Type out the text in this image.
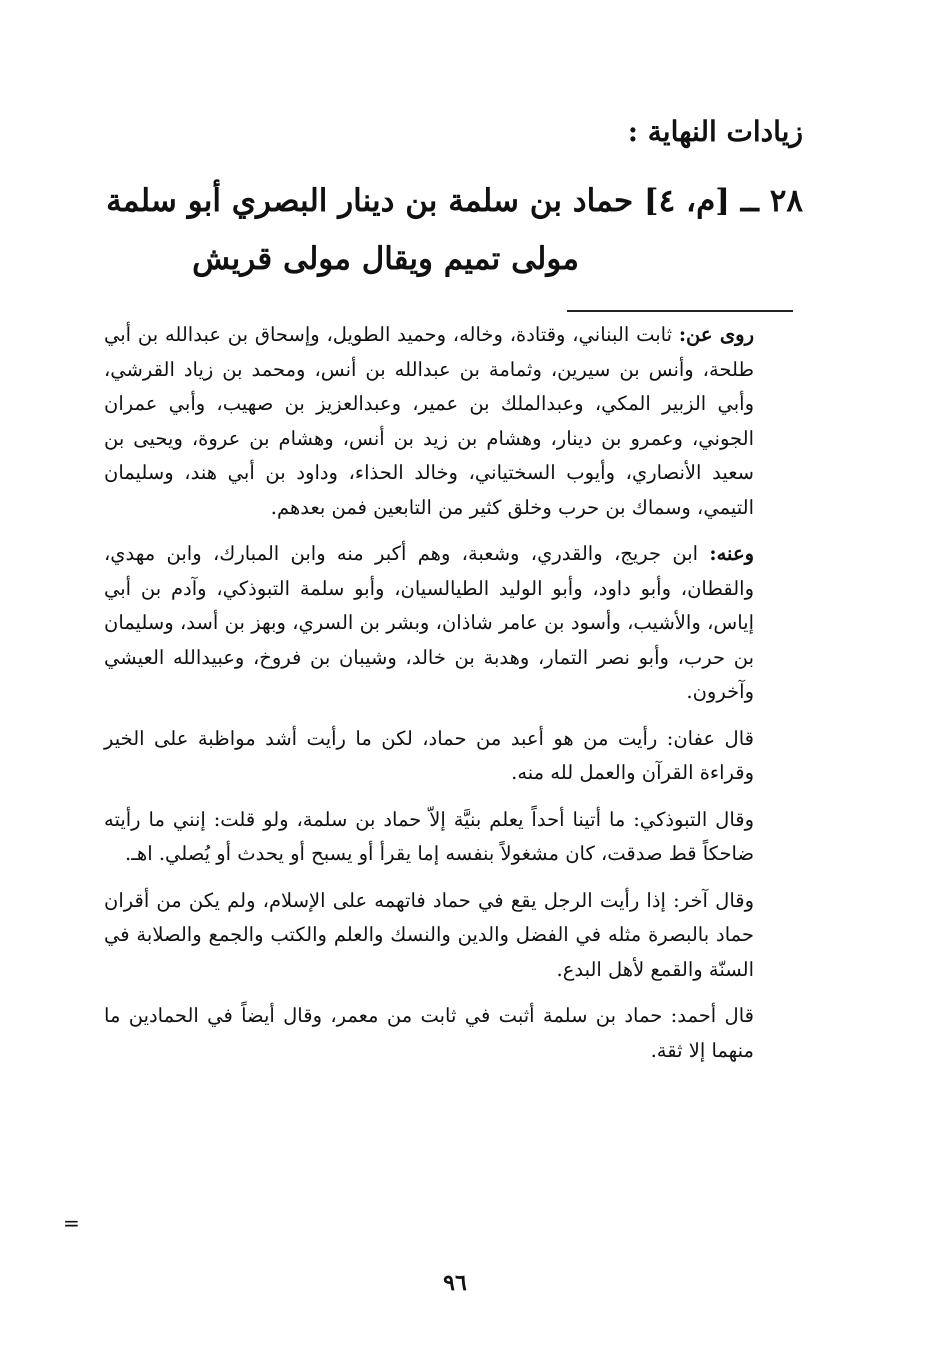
زيادات النهاية :
٢٨ ــ [م، ٤] حماد بن سلمة بن دينار البصري أبو سلمة
مولى تميم ويقال مولى قريش

روى عن: ثابت البناني، وقتادة، وخاله، وحميد الطويل، وإسحاق بن عبدالله بن أبي طلحة، وأنس بن سيرين، وثمامة بن عبدالله بن أنس، ومحمد بن زياد القرشي، وأبي الزبير المكي، وعبدالملك بن عمير، وعبدالعزيز بن صهيب، وأبي عمران الجوني، وعمرو بن دينار، وهشام بن زيد بن أنس، وهشام بن عروة، ويحيى بن سعيد الأنصاري، وأيوب السختياني، وخالد الحذاء، وداود بن أبي هند، وسليمان التيمي، وسماك بن حرب وخلق كثير من التابعين فمن بعدهم.

وعنه: ابن جريج، والقدري، وشعبة، وهم أكبر منه وابن المبارك، وابن مهدي، والقطان، وأبو داود، وأبو الوليد الطيالسيان، وأبو سلمة التبوذكي، وآدم بن أبي إياس، والأشيب، وأسود بن عامر شاذان، وبشر بن السري، وبهز بن أسد، وسليمان بن حرب، وأبو نصر التمار، وهدبة بن خالد، وشيبان بن فروخ، وعبيدالله العيشي وآخرون.

قال عفان: رأيت من هو أعبد من حماد، لكن ما رأيت أشد مواظبة على الخير وقراءة القرآن والعمل لله منه.

وقال التبوذكي: ما أتينا أحداً يعلم بنيَّة إلاّ حماد بن سلمة، ولو قلت: إنني ما رأيته ضاحكاً قط صدقت، كان مشغولاً بنفسه إما يقرأ أو يسبح أو يحدث أو يُصلي. اهـ.

وقال آخر: إذا رأيت الرجل يقع في حماد فاتهمه على الإسلام، ولم يكن من أقران حماد بالبصرة مثله في الفضل والدين والنسك والعلم والكتب والجمع والصلابة في السنّة والقمع لأهل البدع.

قال أحمد: حماد بن سلمة أثبت في ثابت من معمر، وقال أيضاً في الحمادين ما منهما إلا ثقة.

=
٩٦
